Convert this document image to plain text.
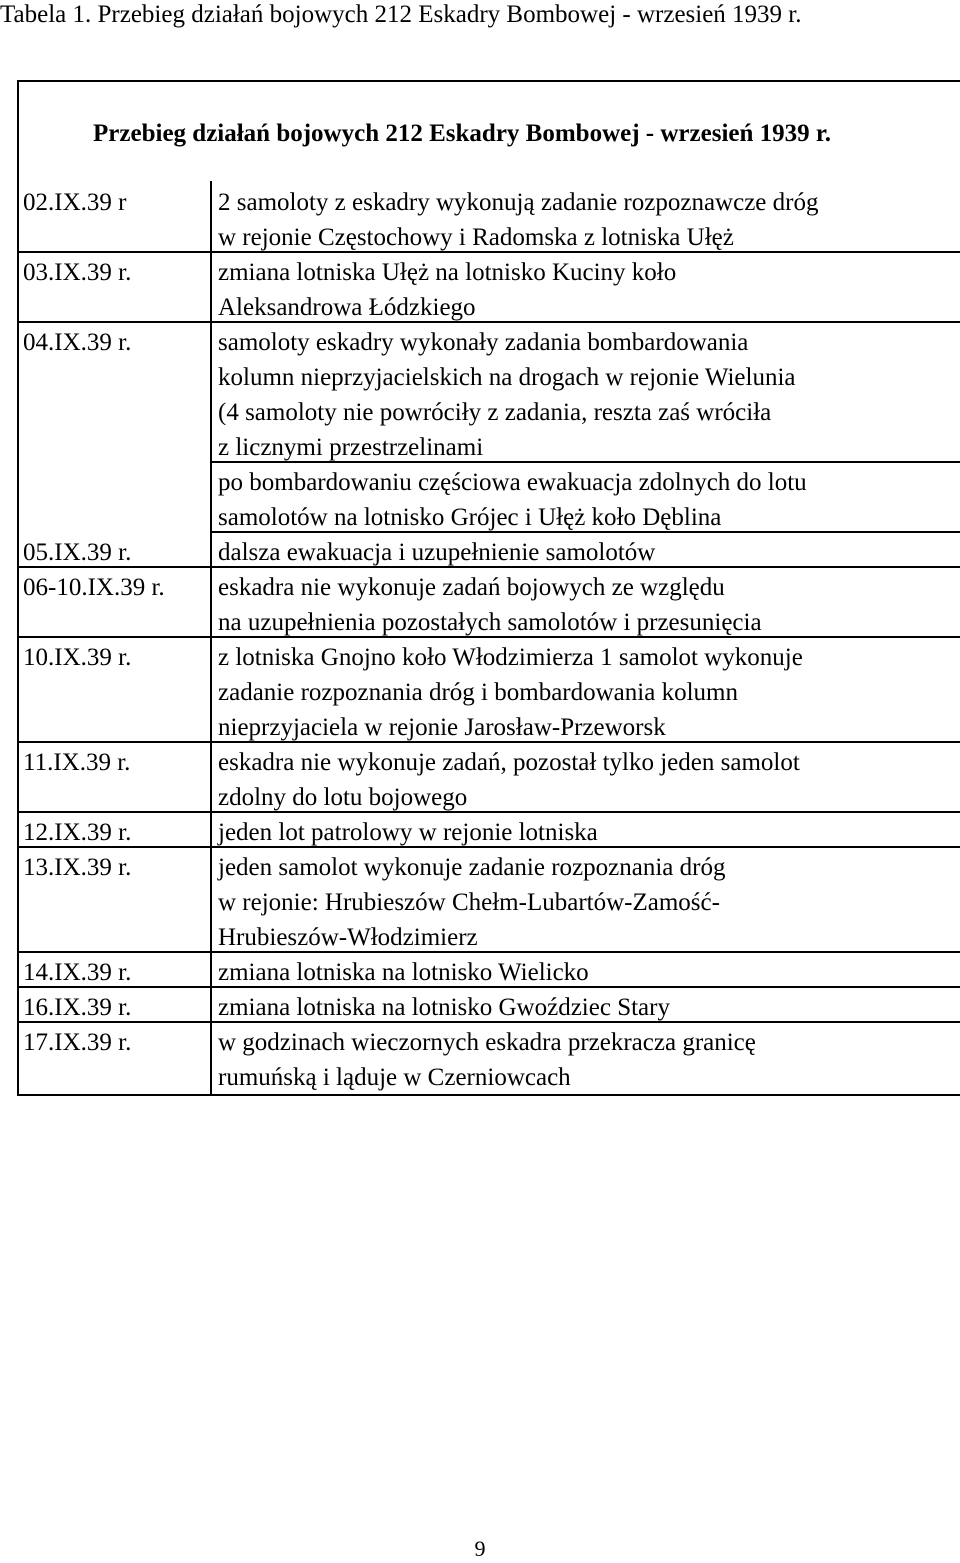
Tabela 1. Przebieg działań bojowych 212 Eskadry Bombowej - wrzesień 1939 r.
Przebieg działań bojowych 212 Eskadry Bombowej - wrzesień 1939 r.
02.IX.39 r	2 samoloty z eskadry wykonują zadanie rozpoznawcze dróg
w rejonie Częstochowy i Radomska z lotniska Ułęż
03.IX.39 r.	zmiana lotniska Ułęż na lotnisko Kuciny koło
Aleksandrowa Łódzkiego
04.IX.39 r.	samoloty eskadry wykonały zadania bombardowania
kolumn nieprzyjacielskich na drogach w rejonie Wielunia
(4 samoloty nie powróciły z zadania, reszta zaś wróciła
z licznymi przestrzelinami
po bombardowaniu częściowa ewakuacja zdolnych do lotu
samolotów na lotnisko Grójec i Ułęż koło Dęblina
05.IX.39 r.	dalsza ewakuacja i uzupełnienie samolotów
06-10.IX.39 r. eskadra nie wykonuje zadań bojowych ze względu
na uzupełnienia pozostałych samolotów i przesunięcia
10.IX.39 r.	z lotniska Gnojno koło Włodzimierza 1 samolot wykonuje
zadanie rozpoznania dróg i bombardowania kolumn
nieprzyjaciela w rejonie Jarosław-Przeworsk
11.IX.39 r.	eskadra nie wykonuje zadań, pozostał tylko jeden samolot
zdolny do lotu bojowego
12.IX.39 r.	jeden lot patrolowy w rejonie lotniska
13.IX.39 r.	jeden samolot wykonuje zadanie rozpoznania dróg
w rejonie: Hrubieszów Chełm-Lubartów-Zamość-
Hrubieszów-Włodzimierz
14.IX.39 r.	zmiana lotniska na lotnisko Wielicko
16.IX.39 r.	zmiana lotniska na lotnisko Gwoździec Stary
17.IX.39 r.	w godzinach wieczornych eskadra przekracza granicę
rumuńską i ląduje w Czerniowcach
9
